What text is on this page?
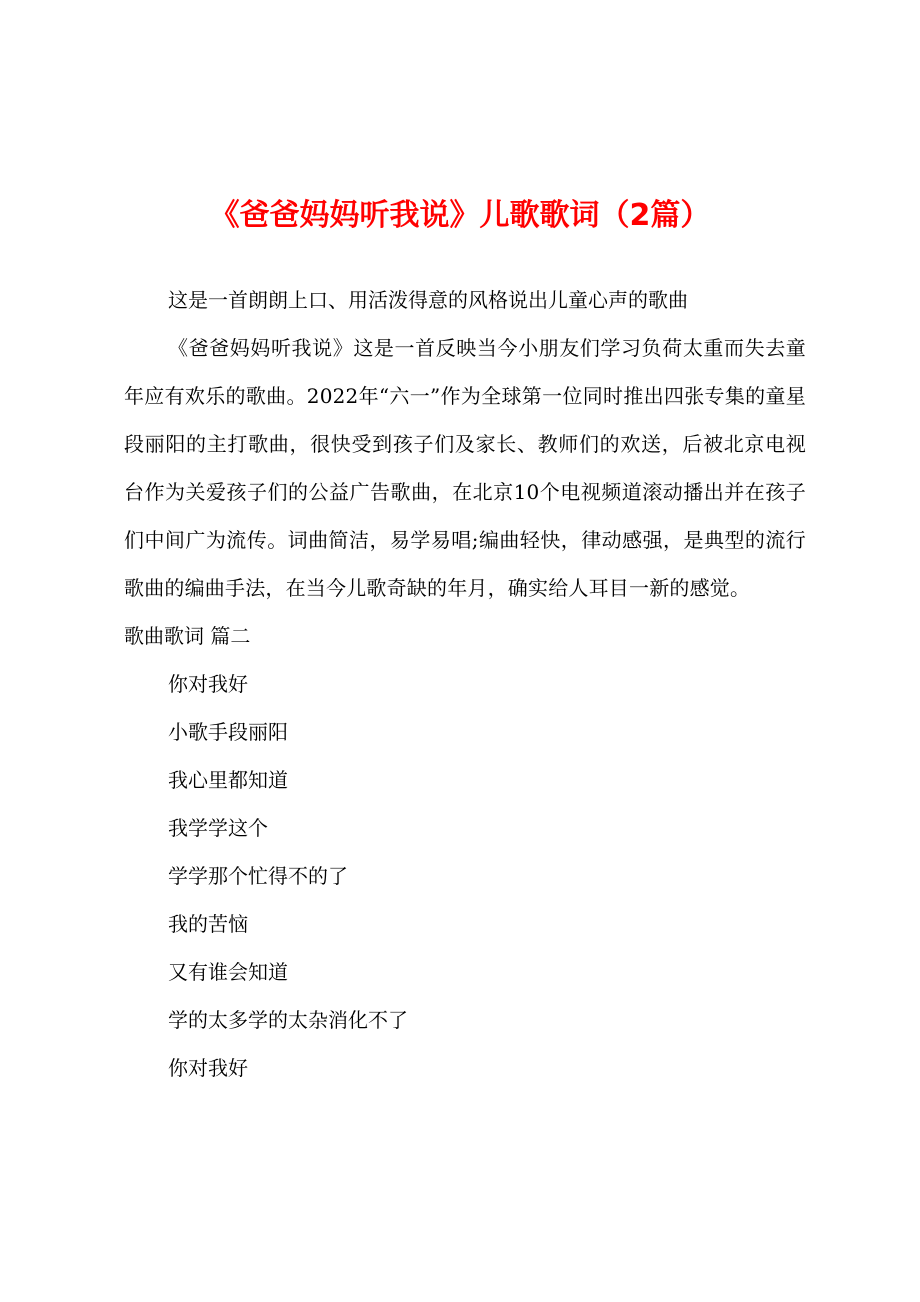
《爸爸妈妈听我说》儿歌歌词（2篇）

这是一首朗朗上口、用活泼得意的风格说出儿童心声的歌曲

《爸爸妈妈听我说》这是一首反映当今小朋友们学习负荷太重而失去童年应有欢乐的歌曲。2022年“六一”作为全球第一位同时推出四张专集的童星段丽阳的主打歌曲，很快受到孩子们及家长、教师们的欢送，后被北京电视台作为关爱孩子们的公益广告歌曲，在北京10个电视频道滚动播出并在孩子们中间广为流传。词曲简洁，易学易唱;编曲轻快，律动感强，是典型的流行歌曲的编曲手法，在当今儿歌奇缺的年月，确实给人耳目一新的感觉。

歌曲歌词 篇二

你对我好

小歌手段丽阳

我心里都知道

我学学这个

学学那个忙得不的了

我的苦恼

又有谁会知道

学的太多学的太杂消化不了

你对我好
